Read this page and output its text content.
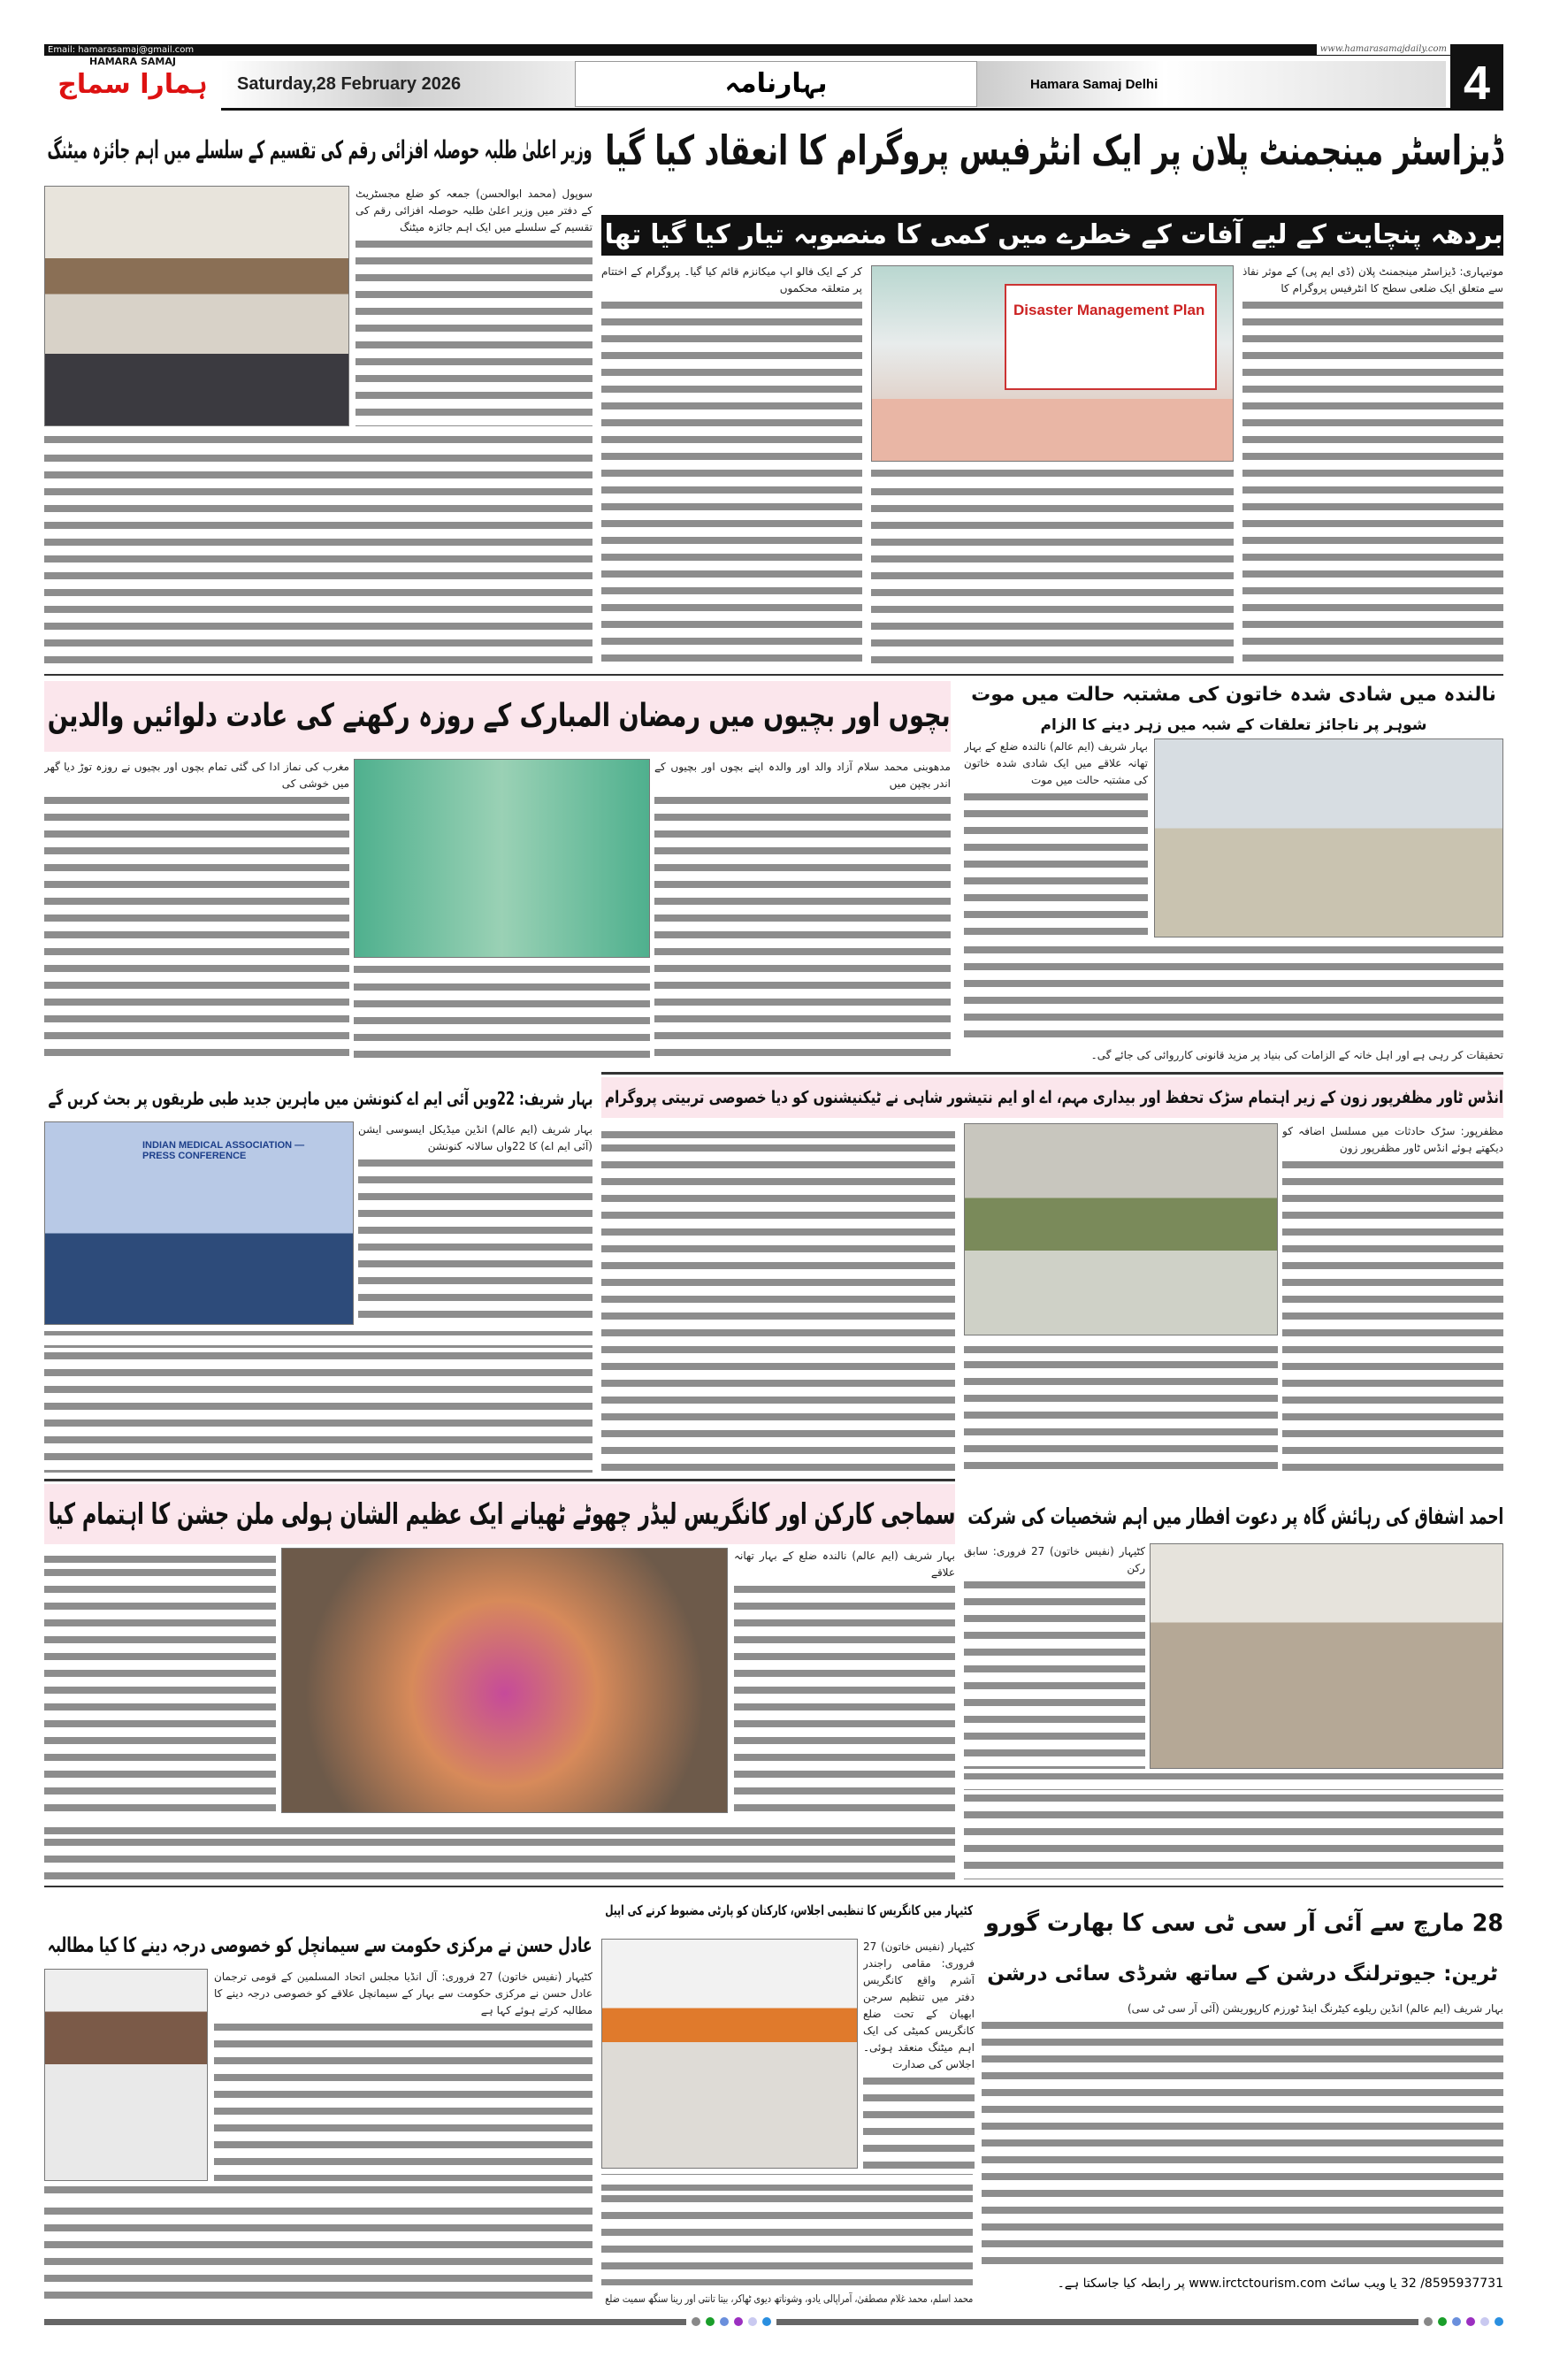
Email: hamarasamaj@gmail.com	www.hamarasamajdaily.com
HAMARA SAMAJ
ہمارا سماج	Saturday,28 February 2026	Hamara Samaj Delhi
بہارنامہ	4
ڈیزاسٹر مینجمنٹ پلان پر ایک انٹرفیس پروگرام کا انعقاد کیا گیا
بردھہ پنچایت کے لیے آفات کے خطرے میں کمی کا منصوبہ تیار کیا گیا تھا
موتیہاری: ڈیزاسٹر مینجمنٹ پلان (ڈی ایم پی) کے موثر نفاذ سے متعلق ایک ضلعی سطح کا انٹرفیس پروگرام کا
Disaster Management Plan
کر کے ایک فالو اپ میکانزم قائم کیا گیا۔ پروگرام کے اختتام پر متعلقہ محکموں
وزیر اعلیٰ طلبہ حوصلہ افزائی رقم کی تقسیم کے سلسلے میں اہم جائزہ میٹنگ
سوپول (محمد ابوالحسن) جمعہ کو ضلع مجسٹریٹ کے دفتر میں وزیر اعلیٰ طلبہ حوصلہ افزائی رقم کی تقسیم کے سلسلے میں ایک اہم جائزہ میٹنگ
بچوں اور بچیوں میں رمضان المبارک کے روزہ رکھنے کی عادت دلوائیں والدین
نالندہ میں شادی شدہ خاتون کی مشتبہ حالت میں موت
شوہر پر ناجائز تعلقات کے شبہ میں زہر دینے کا الزام
بہار شریف (ایم عالم) نالندہ ضلع کے بہار تھانہ علاقے میں ایک شادی شدہ خاتون کی مشتبہ حالت میں موت
تحقیقات کر رہی ہے اور اہل خانہ کے الزامات کی بنیاد پر مزید قانونی کارروائی کی جائے گی۔
مدھوبنی محمد سلام آزاد والد اور والدہ اپنے بچوں اور بچیوں کے اندر بچپن میں
مغرب کی نماز ادا کی گئی تمام بچوں اور بچیوں نے روزہ توڑ دیا گھر میں خوشی کی
انڈس ٹاور مظفرپور زون کے زیر اہتمام سڑک تحفظ اور بیداری مہم، اے او ایم نتیشور شاہی نے ٹیکنیشنوں کو دیا خصوصی تربیتی پروگرام
بہار شریف: 22ویں آئی ایم اے کنونشن میں ماہرین جدید طبی طریقوں پر بحث کریں گے
مظفرپور: سڑک حادثات میں مسلسل اضافہ کو دیکھتے ہوئے انڈس ٹاور مظفرپور زون
INDIAN MEDICAL ASSOCIATION — PRESS CONFERENCE
بہار شریف (ایم عالم) انڈین میڈیکل ایسوسی ایشن (آئی ایم اے) کا 22واں سالانہ کنونشن
سماجی کارکن اور کانگریس لیڈر چھوٹے ٹھیانے ایک عظیم الشان ہولی ملن جشن کا اہتمام کیا احمد اشفاق کی رہائش گاہ پر دعوت افطار میں اہم شخصیات کی شرکت
بہار شریف (ایم عالم) نالندہ ضلع کے بہار تھانہ علاقے
کٹیہار (نفیس خاتون) 27 فروری: سابق رکن
عادل حسن نے مرکزی حکومت سے سیمانچل کو خصوصی درجہ دینے کا کیا مطالبہ
کٹیہار میں کانگریس کا تنظیمی اجلاس، کارکنان کو پارٹی مضبوط کرنے کی اپیل 28 مارچ سے آئی آر سی ٹی سی کا بھارت گورو
ٹرین: جیوترلنگ درشن کے ساتھ شرڈی سائی درشن
کٹیہار (نفیس خاتون) 27 فروری: آل انڈیا مجلس اتحاد المسلمین کے قومی ترجمان عادل حسن نے مرکزی حکومت سے بہار کے سیمانچل علاقے کو خصوصی درجہ دینے کا مطالبہ کرتے ہوئے کہا ہے
کٹیہار (نفیس خاتون) 27 فروری: مقامی راجندر آشرم واقع کانگریس دفتر میں تنظیم سرجن ابھیان کے تحت ضلع کانگریس کمیٹی کی ایک اہم میٹنگ منعقد ہوئی۔ اجلاس کی صدارت
محمد اسلم، محمد غلام مصطفیٰ، آمراپالی یادو، وشوناتھ دیوی ٹھاکر، بیتا تانتی اور رینا سنگھ سمیت ضلع
بہار شریف (ایم عالم) انڈین ریلوے کیٹرنگ اینڈ ٹورزم کارپوریشن (آئی آر سی ٹی سی)
8595937731/ 32 یا ویب سائٹ www.irctctourism.com پر رابطہ کیا جاسکتا ہے۔
